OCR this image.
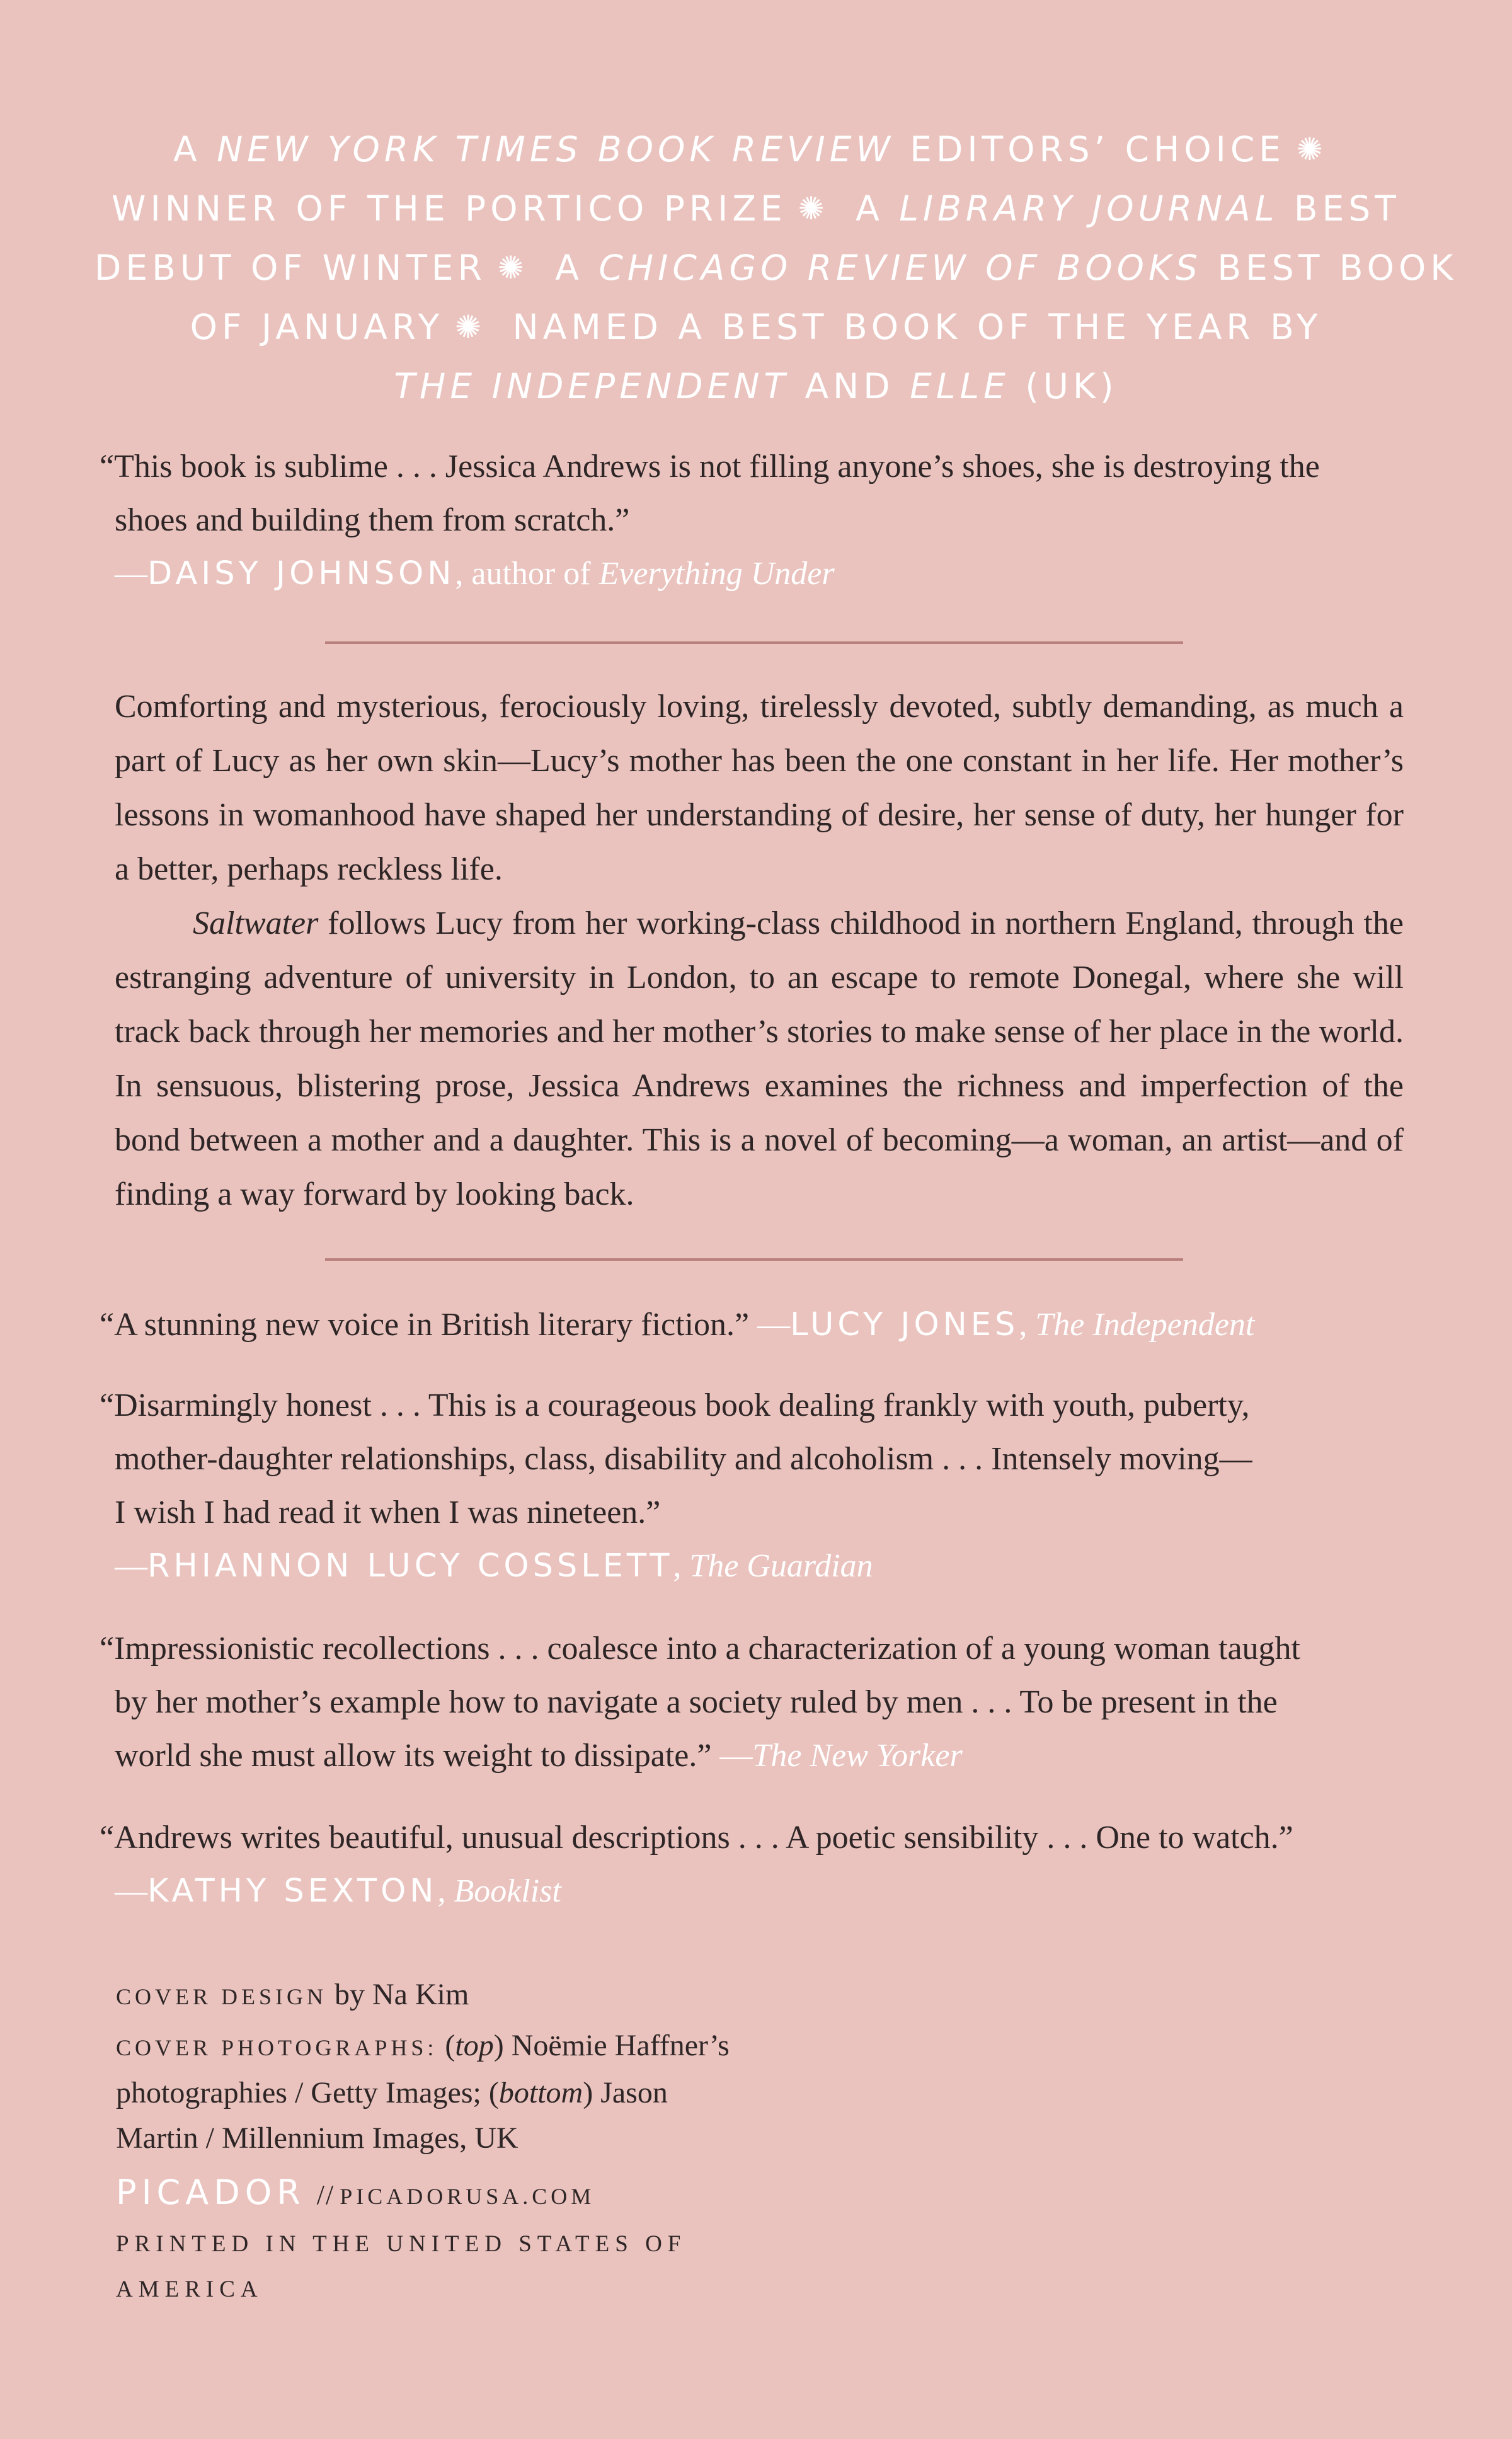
A NEW YORK TIMES BOOK REVIEW EDITORS’ CHOICE ✺
WINNER OF THE PORTICO PRIZE ✺ A LIBRARY JOURNAL BEST
DEBUT OF WINTER ✺ A CHICAGO REVIEW OF BOOKS BEST BOOK
OF JANUARY ✺ NAMED A BEST BOOK OF THE YEAR BY
THE INDEPENDENT AND ELLE (UK)
“This book is sublime . . . Jessica Andrews is not filling anyone’s shoes, she is destroying the
shoes and building them from scratch.”
—DAISY JOHNSON, author of Everything Under

Comforting and mysterious, ferociously loving, tirelessly devoted, subtly demanding, as much a part of Lucy as her own skin—Lucy’s mother has been the one constant in her life. Her mother’s lessons in womanhood have shaped her understanding of desire, her sense of duty, her hunger for a better, perhaps reckless life.

Saltwater follows Lucy from her working-class childhood in northern England, through the estranging adventure of university in London, to an escape to remote Donegal, where she will track back through her memories and her mother’s stories to make sense of her place in the world. In sensuous, blistering prose, Jessica Andrews examines the richness and imperfection of the bond between a mother and a daughter. This is a novel of becoming—a woman, an artist—and of finding a way forward by looking back.

“A stunning new voice in British literary fiction.” —LUCY JONES, The Independent
“Disarmingly honest . . . This is a courageous book dealing frankly with youth, puberty,
mother-daughter relationships, class, disability and alcoholism . . . Intensely moving—
I wish I had read it when I was nineteen.”
—RHIANNON LUCY COSSLETT, The Guardian
“Impressionistic recollections . . . coalesce into a characterization of a young woman taught
by her mother’s example how to navigate a society ruled by men . . . To be present in the
world she must allow its weight to dissipate.” —The New Yorker
“Andrews writes beautiful, unusual descriptions . . . A poetic sensibility . . . One to watch.”
—KATHY SEXTON, Booklist
COVER DESIGN by Na Kim
COVER PHOTOGRAPHS: (top) Noëmie Haffner’s
photographies / Getty Images; (bottom) Jason
Martin / Millennium Images, UK
PICADOR // PICADORUSA.COM
PRINTED IN THE UNITED STATES OF
AMERICA
